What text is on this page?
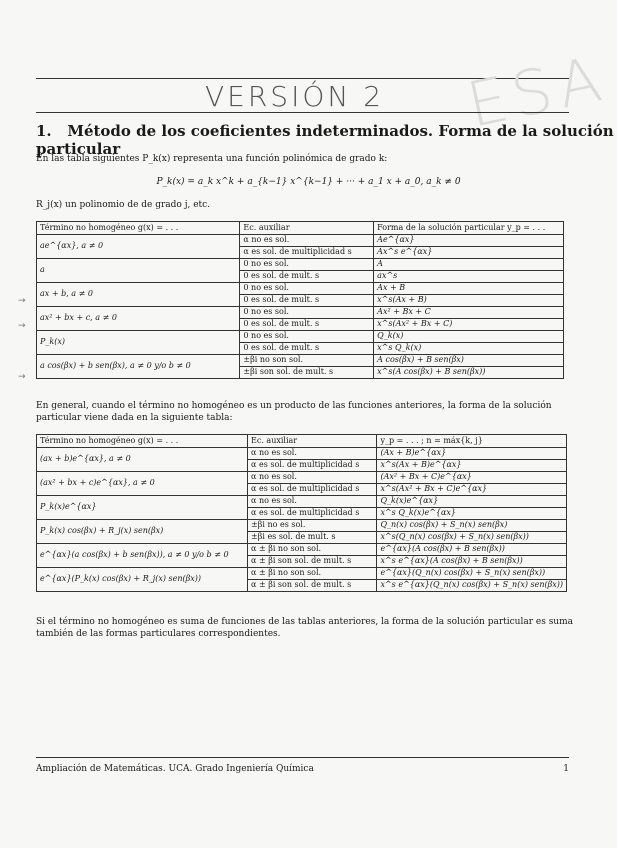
VERSIÓN 2 ESA
1. Método de los coeficientes indeterminados. Forma de la solución particular
En las tabla siguientes P_k(x) representa una función polinómica de grado k:
P_k(x) = a_k x^k + a_{k−1} x^{k−1} + ··· + a_1 x + a_0, a_k ≠ 0
R_j(x) un polinomio de de grado j, etc.
Término no homogéneo g(x) = . . .	Ec. auxiliar	Forma de la solución particular y_p = . . .
ae^{αx}, a ≠ 0	α no es sol.	Ae^{αx}
	α es sol. de multiplicidad s	Ax^s e^{αx}
a	0 no es sol.	A
	0 es sol. de mult. s	ax^s
ax + b, a ≠ 0	0 no es sol.	Ax + B
	0 es sol. de mult. s	x^s(Ax + B)
ax² + bx + c, a ≠ 0	0 no es sol.	Ax² + Bx + C
	0 es sol. de mult. s	x^s(Ax² + Bx + C)
P_k(x)	0 no es sol.	Q_k(x)
	0 es sol. de mult. s	x^s Q_k(x)
a cos(βx) + b sen(βx), a ≠ 0 y/o b ≠ 0	±βi no son sol.	A cos(βx) + B sen(βx)
	±βi son sol. de mult. s	x^s(A cos(βx) + B sen(βx))
En general, cuando el término no homogéneo es un producto de las funciones anteriores, la forma de la solución particular viene dada en la siguiente tabla:
Término no homogéneo g(x) = . . .	Ec. auxiliar	y_p = . . . ; n = máx{k, j}
(ax + b)e^{αx}, a ≠ 0	α no es sol.	(Ax + B)e^{αx}
	α es sol. de multiplicidad s	x^s(Ax + B)e^{αx}
(ax² + bx + c)e^{αx}, a ≠ 0	α no es sol.	(Ax² + Bx + C)e^{αx}
	α es sol. de multiplicidad s	x^s(Ax² + Bx + C)e^{αx}
P_k(x)e^{αx}	α no es sol.	Q_k(x)e^{αx}
	α es sol. de multiplicidad s	x^s Q_k(x)e^{αx}
P_k(x) cos(βx) + R_j(x) sen(βx)	±βi no es sol.	Q_n(x) cos(βx) + S_n(x) sen(βx)
	±βi es sol. de mult. s	x^s(Q_n(x) cos(βx) + S_n(x) sen(βx))
e^{αx}(a cos(βx) + b sen(βx)), a ≠ 0 y/o b ≠ 0	α ± βi no son sol.	e^{αx}(A cos(βx) + B sen(βx))
	α ± βi son sol. de mult. s	x^s e^{αx}(A cos(βx) + B sen(βx))
e^{αx}(P_k(x) cos(βx) + R_j(x) sen(βx))	α ± βi no son sol.	e^{αx}(Q_n(x) cos(βx) + S_n(x) sen(βx))
	α ± βi son sol. de mult. s	x^s e^{αx}(Q_n(x) cos(βx) + S_n(x) sen(βx))
Si el término no homogéneo es suma de funciones de las tablas anteriores, la forma de la solución particular es suma también de las formas particulares correspondientes.
Ampliación de Matemáticas. UCA. Grado Ingeniería Química	1
→
→
→
